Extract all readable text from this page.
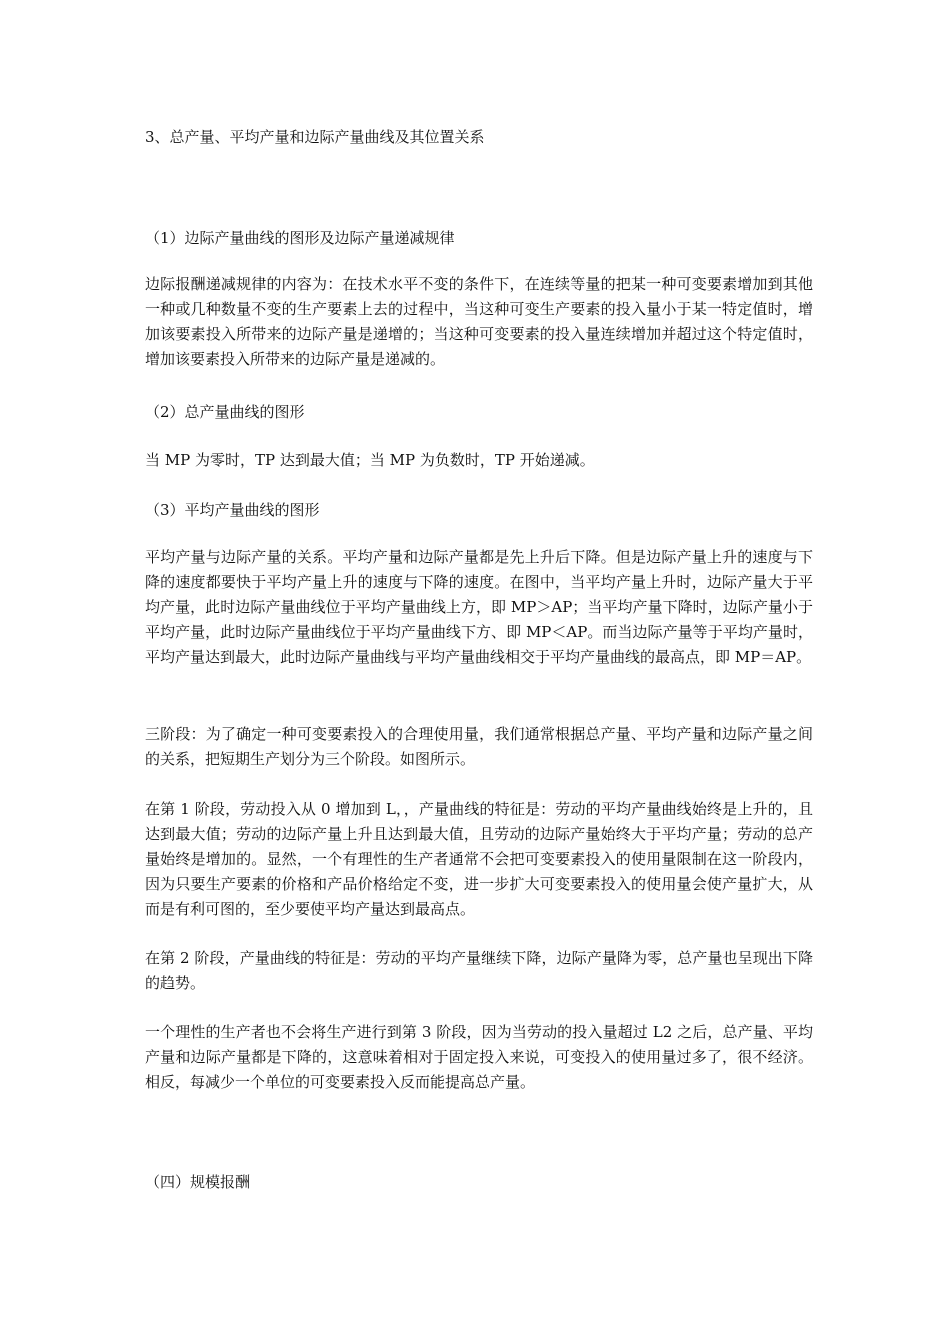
3、总产量、平均产量和边际产量曲线及其位置关系

（1）边际产量曲线的图形及边际产量递减规律

边际报酬递减规律的内容为：在技术水平不变的条件下，在连续等量的把某一种可变要素增加到其他一种或几种数量不变的生产要素上去的过程中，当这种可变生产要素的投入量小于某一特定值时，增加该要素投入所带来的边际产量是递增的；当这种可变要素的投入量连续增加并超过这个特定值时，增加该要素投入所带来的边际产量是递减的。

（2）总产量曲线的图形

当 MP 为零时，TP 达到最大值；当 MP 为负数时，TP 开始递减。

（3）平均产量曲线的图形

平均产量与边际产量的关系。平均产量和边际产量都是先上升后下降。但是边际产量上升的速度与下降的速度都要快于平均产量上升的速度与下降的速度。在图中，当平均产量上升时，边际产量大于平均产量，此时边际产量曲线位于平均产量曲线上方，即 MP＞AP；当平均产量下降时，边际产量小于平均产量，此时边际产量曲线位于平均产量曲线下方、即 MP＜AP。而当边际产量等于平均产量时，平均产量达到最大，此时边际产量曲线与平均产量曲线相交于平均产量曲线的最高点，即 MP＝AP。

三阶段：为了确定一种可变要素投入的合理使用量，我们通常根据总产量、平均产量和边际产量之间的关系，把短期生产划分为三个阶段。如图所示。

在第 1 阶段，劳动投入从 0 增加到 L，，产量曲线的特征是：劳动的平均产量曲线始终是上升的，且达到最大值；劳动的边际产量上升且达到最大值，且劳动的边际产量始终大于平均产量；劳动的总产量始终是增加的。显然，一个有理性的生产者通常不会把可变要素投入的使用量限制在这一阶段内，因为只要生产要素的价格和产品价格给定不变，进一步扩大可变要素投入的使用量会使产量扩大，从而是有利可图的，至少要使平均产量达到最高点。

在第 2 阶段，产量曲线的特征是：劳动的平均产量继续下降，边际产量降为零，总产量也呈现出下降的趋势。

一个理性的生产者也不会将生产进行到第 3 阶段，因为当劳动的投入量超过 L2 之后，总产量、平均产量和边际产量都是下降的，这意味着相对于固定投入来说，可变投入的使用量过多了，很不经济。相反，每减少一个单位的可变要素投入反而能提高总产量。

（四）规模报酬
